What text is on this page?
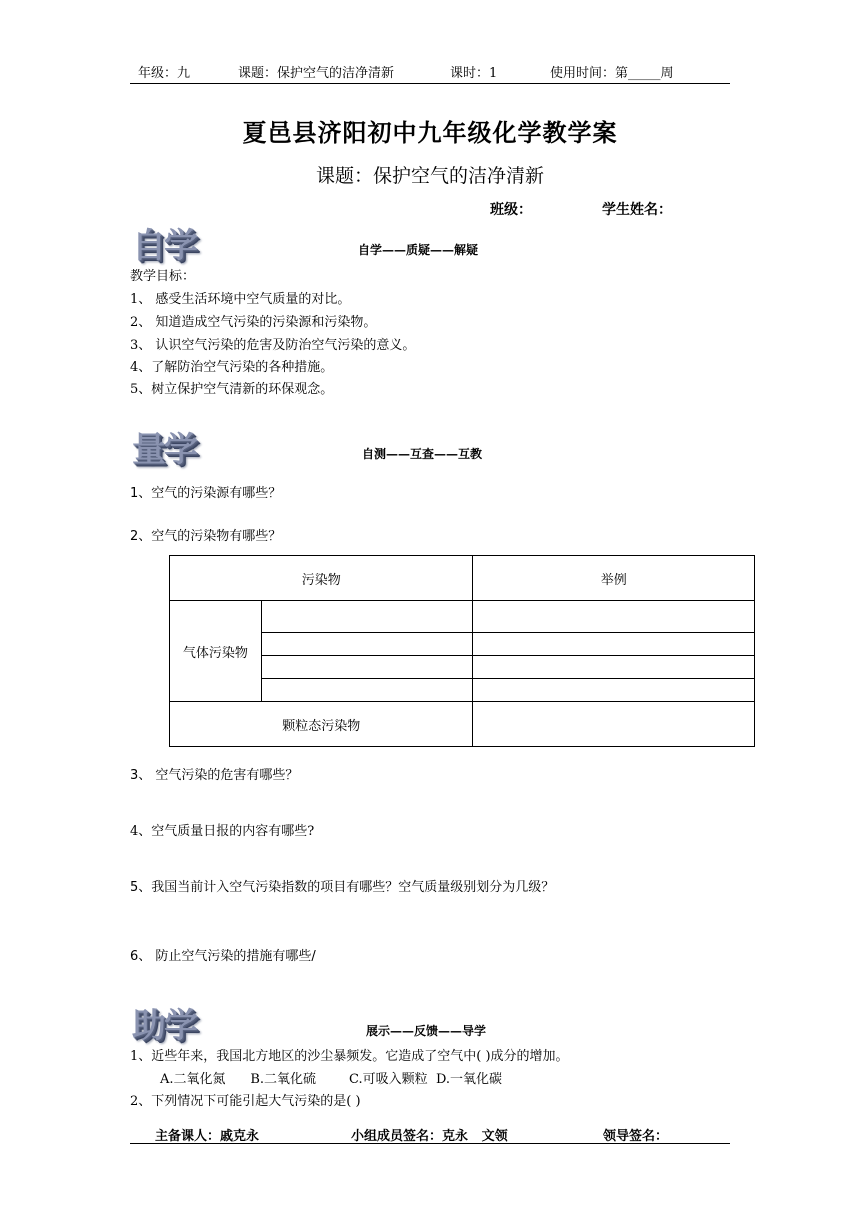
年级：九	课题：保护空气的洁净清新	课时：1	使用时间：第_____周
夏邑县济阳初中九年级化学教学案
课题：保护空气的洁净清新
班级：	学生姓名：
自学	自学——质疑——解疑
教学目标：
1、 感受生活环境中空气质量的对比。
2、 知道造成空气污染的污染源和污染物。
3、 认识空气污染的危害及防治空气污染的意义。
4、了解防治空气污染的各种措施。
5、树立保护空气清新的环保观念。
量学	自测——互查——互教
1、空气的污染源有哪些？
2、空气的污染物有哪些？
污染物		举例
气体污染物		

颗粒态污染物		
3、 空气污染的危害有哪些？
4、空气质量日报的内容有哪些?
5、我国当前计入空气污染指数的项目有哪些？空气质量级别划分为几级？
6、 防止空气污染的措施有哪些/
助学	展示——反馈——导学
1、近些年来，我国北方地区的沙尘暴频发。它造成了空气中( )成分的增加。
A.二氧化氮      B.二氧化硫        C.可吸入颗粒  D.一氧化碳
2、下列情况下可能引起大气污染的是( )
主备课人：戚克永	小组成员签名：克永   文领	领导签名：
